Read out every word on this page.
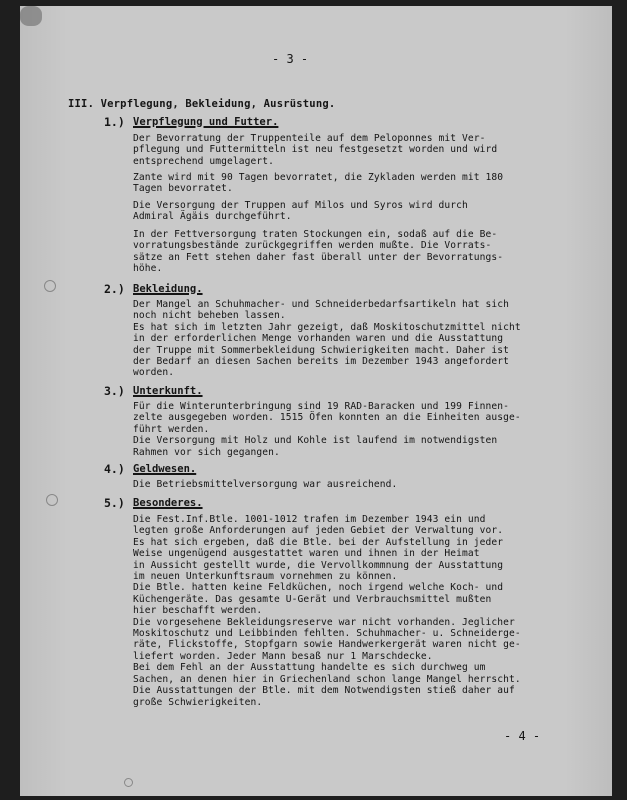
- 3 -
III. Verpflegung, Bekleidung, Ausrüstung.
1.) Verpflegung und Futter.
Der Bevorratung der Truppenteile auf dem Peloponnes mit Ver-
pflegung und Futtermitteln ist neu festgesetzt worden und wird
entsprechend umgelagert.
Zante wird mit 90 Tagen bevorratet, die Zykladen werden mit 180
Tagen bevorratet.
Die Versorgung der Truppen auf Milos und Syros wird durch
Admiral Ägäis durchgeführt.
In der Fettversorgung traten Stockungen ein, sodaß auf die Be-
vorratungsbestände zurückgegriffen werden mußte. Die Vorrats-
sätze an Fett stehen daher fast überall unter der Bevorratungs-
höhe.
2.) Bekleidung.
Der Mangel an Schuhmacher- und Schneiderbedarfsartikeln hat sich
noch nicht beheben lassen.
Es hat sich im letzten Jahr gezeigt, daß Moskitoschutzmittel nicht
in der erforderlichen Menge vorhanden waren und die Ausstattung
der Truppe mit Sommerbekleidung Schwierigkeiten macht. Daher ist
der Bedarf an diesen Sachen bereits im Dezember 1943 angefordert
worden.
3.) Unterkunft.
Für die Winterunterbringung sind 19 RAD-Baracken und 199 Finnen-
zelte ausgegeben worden. 1515 Öfen konnten an die Einheiten ausge-
führt werden.
Die Versorgung mit Holz und Kohle ist laufend im notwendigsten
Rahmen vor sich gegangen.
4.) Geldwesen.
Die Betriebsmittelversorgung war ausreichend.
5.) Besonderes.
Die Fest.Inf.Btle. 1001-1012 trafen im Dezember 1943 ein und
legten große Anforderungen auf jeden Gebiet der Verwaltung vor.
Es hat sich ergeben, daß die Btle. bei der Aufstellung in jeder
Weise ungenügend ausgestattet waren und ihnen in der Heimat
in Aussicht gestellt wurde, die Vervollkommnung der Ausstattung
im neuen Unterkunftsraum vornehmen zu können.
Die Btle. hatten keine Feldküchen, noch irgend welche Koch- und
Küchengeräte. Das gesamte U-Gerät und Verbrauchsmittel mußten
hier beschafft werden.
Die vorgesehene Bekleidungsreserve war nicht vorhanden. Jeglicher
Moskitoschutz und Leibbinden fehlten. Schuhmacher- u. Schneiderge-
räte, Flickstoffe, Stopfgarn sowie Handwerkergerät waren nicht ge-
liefert worden. Jeder Mann besaß nur 1 Marschdecke.
Bei dem Fehl an der Ausstattung handelte es sich durchweg um
Sachen, an denen hier in Griechenland schon lange Mangel herrscht.
Die Ausstattungen der Btle. mit dem Notwendigsten stieß daher auf
große Schwierigkeiten.
- 4 -
